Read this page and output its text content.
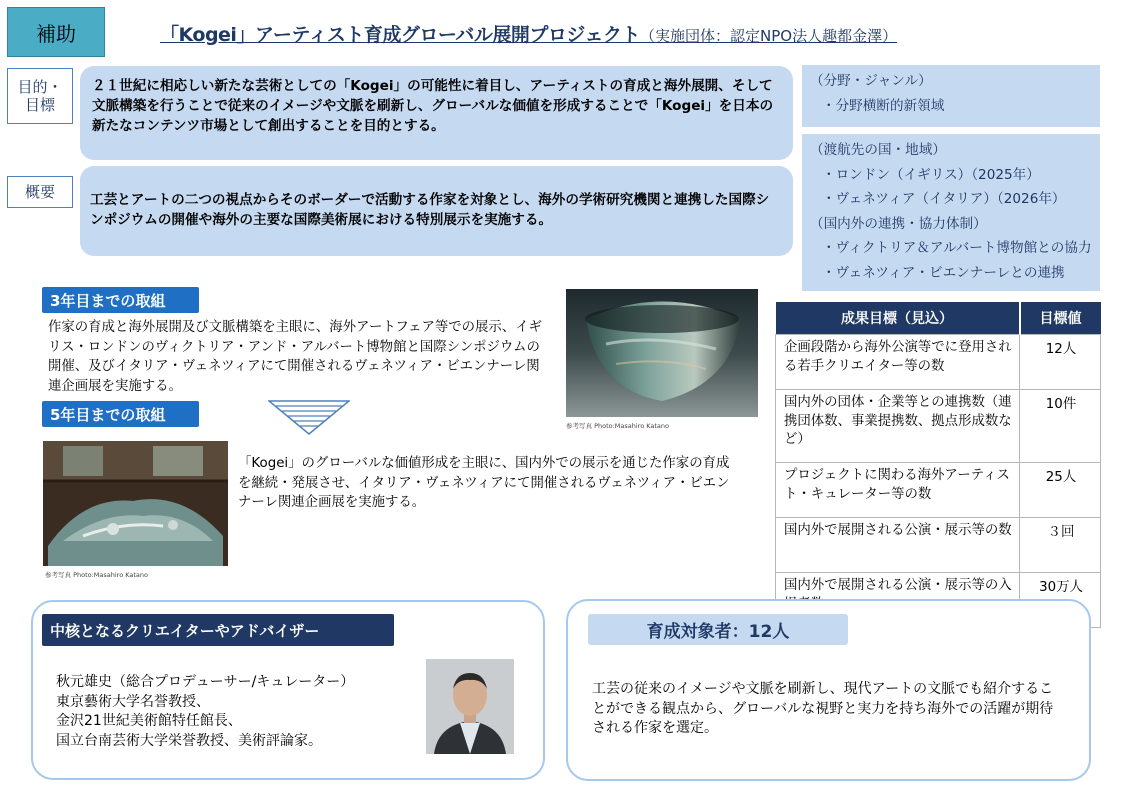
補助	「Kogei」アーティスト育成グローバル展開プロジェクト（実施団体：認定NPO法人趣都金澤）
目的・
目標
２１世紀に相応しい新たな芸術としての「Kogei」の可能性に着目し、アーティストの育成と海外展開、そして文脈構築を行うことで従来のイメージや文脈を刷新し、グローバルな価値を形成することで「Kogei」を日本の新たなコンテンツ市場として創出することを目的とする。
概要	工芸とアートの二つの視点からそのボーダーで活動する作家を対象とし、海外の学術研究機関と連携した国際シンポジウムの開催や海外の主要な国際美術展における特別展示を実施する。
（分野・ジャンル）
・分野横断的新領域
（渡航先の国・地域）
・ロンドン（イギリス）（2025年）
・ヴェネツィア（イタリア）（2026年）
（国内外の連携・協力体制）
・ヴィクトリア＆アルバート博物館との協力
・ヴェネツィア・ビエンナーレとの連携
3年目までの取組
作家の育成と海外展開及び文脈構築を主眼に、海外アートフェア等での展示、イギリス・ロンドンのヴィクトリア・アンド・アルバート博物館と国際シンポジウムの開催、及びイタリア・ヴェネツィアにて開催されるヴェネツィア・ビエンナーレ関連企画展を実施する。
5年目までの取組
「Kogei」のグローバルな価値形成を主眼に、国内外での展示を通じた作家の育成を継続・発展させ、イタリア・ヴェネツィアにて開催されるヴェネツィア・ビエンナーレ関連企画展を実施する。
参考写真 Photo:Masahiro Katano
参考写真 Photo:Masahiro Katano
成果目標（見込）	目標値
企画段階から海外公演等でに登用される若手クリエイター等の数	12人
国内外の団体・企業等との連携数（連携団体数、事業提携数、拠点形成数など）	10件
プロジェクトに関わる海外アーティスト・キュレーター等の数	25人
国内外で展開される公演・展示等の数	３回
国内外で展開される公演・展示等の入	30万人
中核となるクリエイターやアドバイザー
秋元雄史（総合プロデューサー/キュレーター）
東京藝術大学名誉教授、
金沢21世紀美術館特任館長、
国立台南芸術大学栄誉教授、美術評論家。
育成対象者：12人
工芸の従来のイメージや文脈を刷新し、現代アートの文脈でも紹介することができる観点から、グローバルな視野と実力を持ち海外での活躍が期待される作家を選定。
